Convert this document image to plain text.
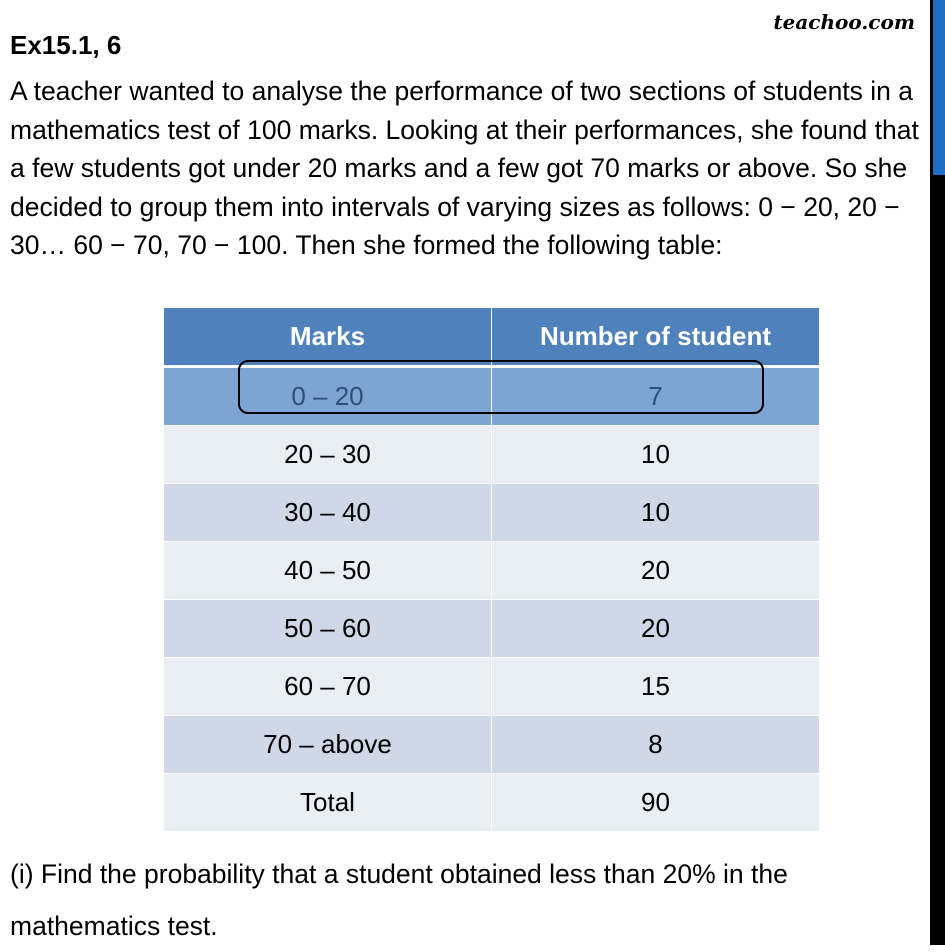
Ex15.1, 6
teachoo.com
A teacher wanted to analyse the performance of two sections of students in a mathematics test of 100 marks. Looking at their performances, she found that a few students got under 20 marks and a few got 70 marks or above. So she decided to group them into intervals of varying sizes as follows: 0 − 20, 20 − 30… 60 − 70, 70 − 100. Then she formed the following table:
Marks	Number of student
0 – 20	7
20 – 30	10
30 – 40	10
40 – 50	20
50 – 60	20
60 – 70	15
70 – above	8
Total	90
(i) Find the probability that a student obtained less than 20% in the mathematics test.
